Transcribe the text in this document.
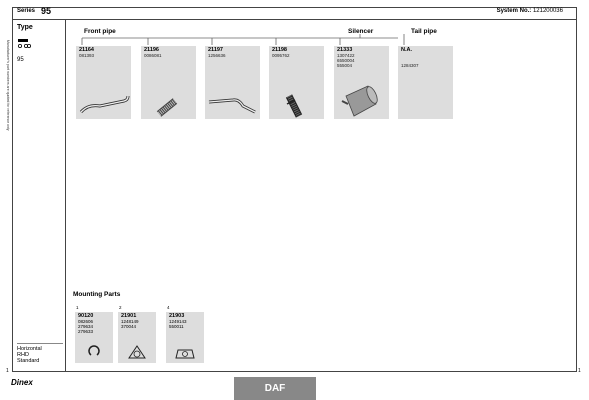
Series 95	System No.: 121200036
Manufacturer's part numbers are quoted for reference only
Type
95
Horizontal
RHD
Standard
Front pipe	Silencer	Tail pipe
21164
081393
21196
0086081
21197
1256636
21198
0095762
21333
1307422
6550004
555004
N.A.

1284307
Mounting Parts
1
90120
082606
279634
279633
2
21901
1248149
370044
4
21903
1249143
550011
1	1
Dinex
DAF
